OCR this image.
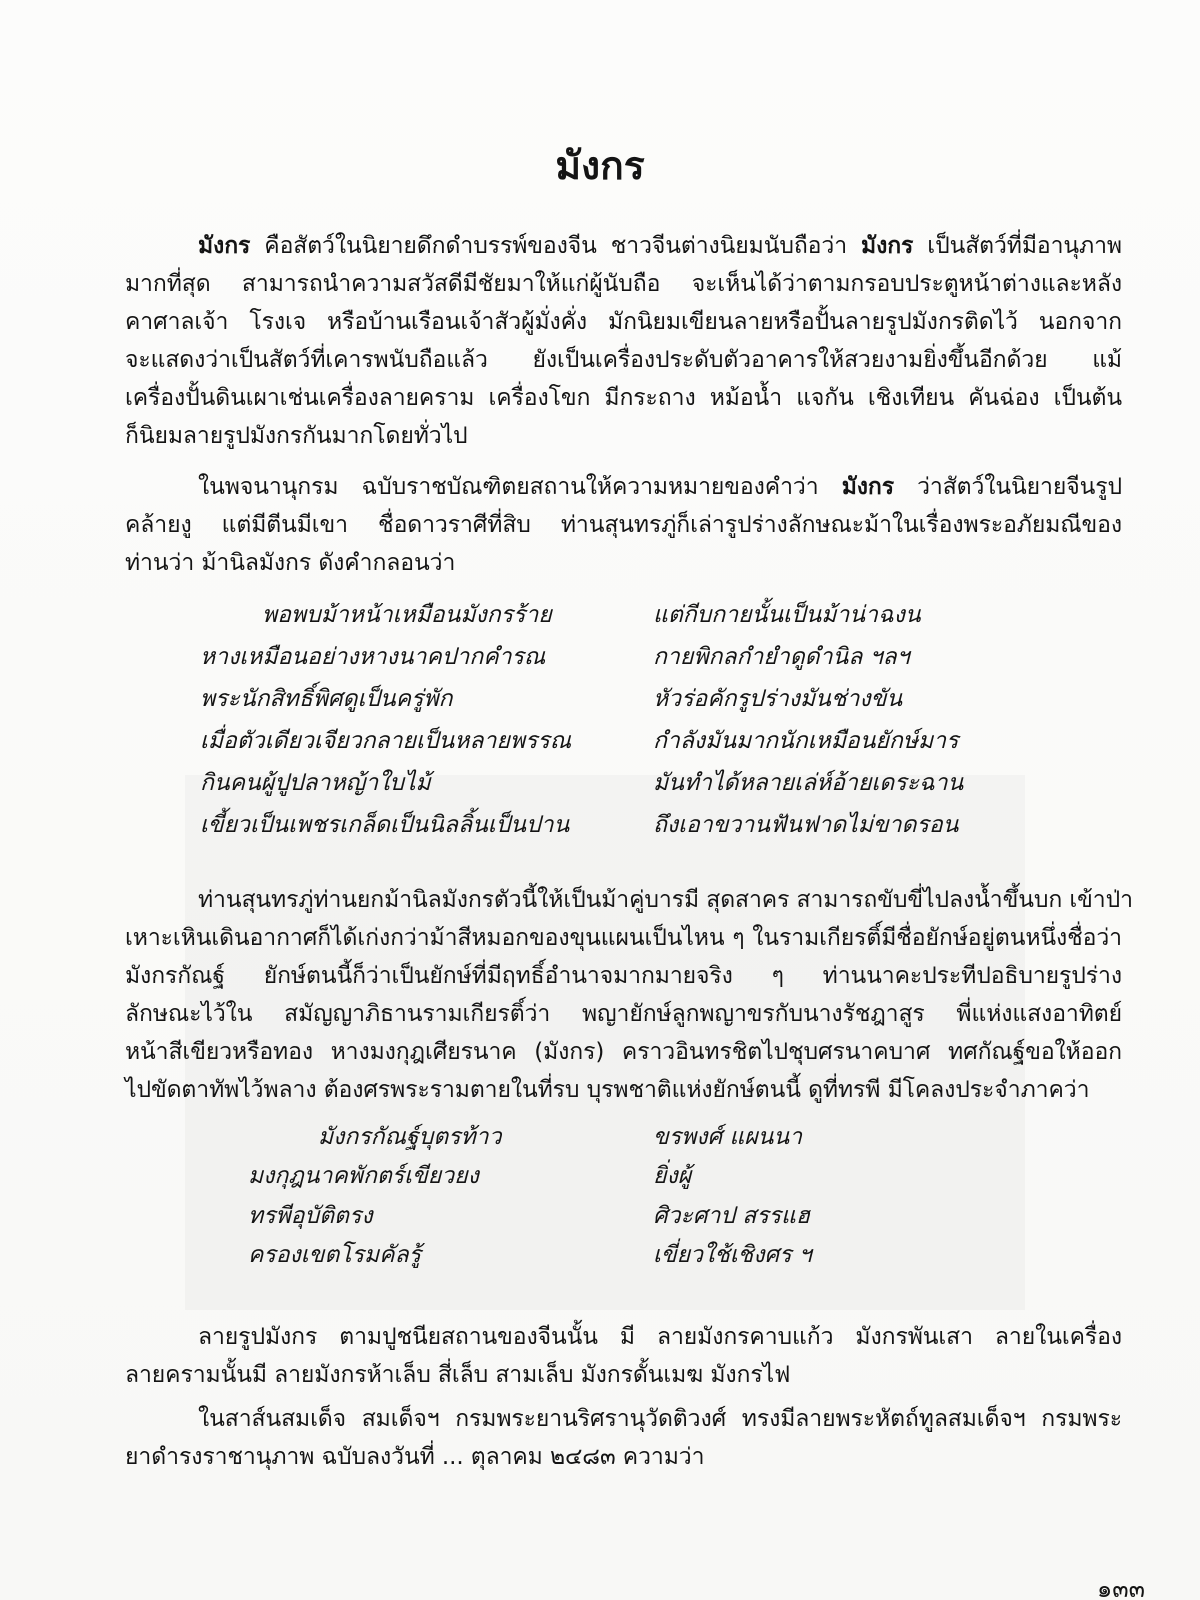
มังกร
มังกร คือสัตว์ในนิยายดึกดำบรรพ์ของจีน ชาวจีนต่างนิยมนับถือว่า มังกร เป็นสัตว์ที่มีอานุภาพ
มากที่สุด สามารถนำความสวัสดีมีชัยมาให้แก่ผู้นับถือ จะเห็นได้ว่าตามกรอบประตูหน้าต่างและหลัง
คาศาลเจ้า โรงเจ หรือบ้านเรือนเจ้าสัวผู้มั่งคั่ง มักนิยมเขียนลายหรือปั้นลายรูปมังกรติดไว้ นอกจาก
จะแสดงว่าเป็นสัตว์ที่เคารพนับถือแล้ว ยังเป็นเครื่องประดับตัวอาคารให้สวยงามยิ่งขึ้นอีกด้วย แม้
เครื่องปั้นดินเผาเช่นเครื่องลายคราม เครื่องโขก มีกระถาง หม้อน้ำ แจกัน เชิงเทียน คันฉ่อง เป็นต้น
ก็นิยมลายรูปมังกรกันมากโดยทั่วไป
ในพจนานุกรม ฉบับราชบัณฑิตยสถานให้ความหมายของคำว่า มังกร ว่าสัตว์ในนิยายจีนรูป
คล้ายงู แต่มีตีนมีเขา ชื่อดาวราศีที่สิบ ท่านสุนทรภู่ก็เล่ารูปร่างลักษณะม้าในเรื่องพระอภัยมณีของ
ท่านว่า ม้านิลมังกร ดังคำกลอนว่า
พอพบม้าหน้าเหมือนมังกรร้าย	แต่กีบกายนั้นเป็นม้าน่าฉงน
หางเหมือนอย่างหางนาคปากคำรณ	กายพิกลกำยำดูดำนิล ฯลฯ
พระนักสิทธิ์พิศดูเป็นครู่พัก	หัวร่อคักรูปร่างมันช่างขัน
เมื่อตัวเดียวเจียวกลายเป็นหลายพรรณ	กำลังมันมากนักเหมือนยักษ์มาร
กินคนผู้ปูปลาหญ้าใบไม้	มันทำได้หลายเล่ห์อ้ายเดระฉาน
เขี้ยวเป็นเพชรเกล็ดเป็นนิลลิ้นเป็นปาน	ถึงเอาขวานฟันฟาดไม่ขาดรอน
ท่านสุนทรภู่ท่านยกม้านิลมังกรตัวนี้ให้เป็นม้าคู่บารมี สุดสาคร สามารถขับขี่ไปลงน้ำขึ้นบก เข้าป่า
เหาะเหินเดินอากาศก็ได้เก่งกว่าม้าสีหมอกของขุนแผนเป็นไหน ๆ ในรามเกียรติ์มีชื่อยักษ์อยู่ตนหนึ่งชื่อว่า
มังกรกัณฐ์ ยักษ์ตนนี้ก็ว่าเป็นยักษ์ที่มีฤทธิ์อำนาจมากมายจริง ๆ ท่านนาคะประทีปอธิบายรูปร่าง
ลักษณะไว้ใน สมัญญาภิธานรามเกียรติ์ว่า พญายักษ์ลูกพญาขรกับนางรัชฎาสูร พี่แห่งแสงอาทิตย์
หน้าสีเขียวหรือทอง หางมงกุฎเศียรนาค (มังกร) คราวอินทรชิตไปชุบศรนาคบาศ ทศกัณฐ์ขอให้ออก
ไปขัดตาทัพไว้พลาง ต้องศรพระรามตายในที่รบ บุรพชาติแห่งยักษ์ตนนี้ ดูที่ทรพี มีโคลงประจำภาคว่า
มังกรกัณฐ์บุตรท้าว	ขรพงศ์ แผนนา
มงกุฎนาคพักตร์เขียวยง	ยิ่งผู้
ทรพีอุบัติตรง	ศิวะศาป สรรแฮ
ครองเขตโรมคัลรู้	เขี่ยวใช้เชิงศร ฯ
ลายรูปมังกร ตามปูชนียสถานของจีนนั้น มี ลายมังกรคาบแก้ว มังกรพันเสา ลายในเครื่อง
ลายครามนั้นมี ลายมังกรห้าเล็บ สี่เล็บ สามเล็บ มังกรดั้นเมฆ มังกรไฟ
ในสาส์นสมเด็จ สมเด็จฯ กรมพระยานริศรานุวัดติวงศ์ ทรงมีลายพระหัตถ์ทูลสมเด็จฯ กรมพระ
ยาดำรงราชานุภาพ ฉบับลงวันที่ ... ตุลาคม ๒๔๘๓ ความว่า
๑๓๓
